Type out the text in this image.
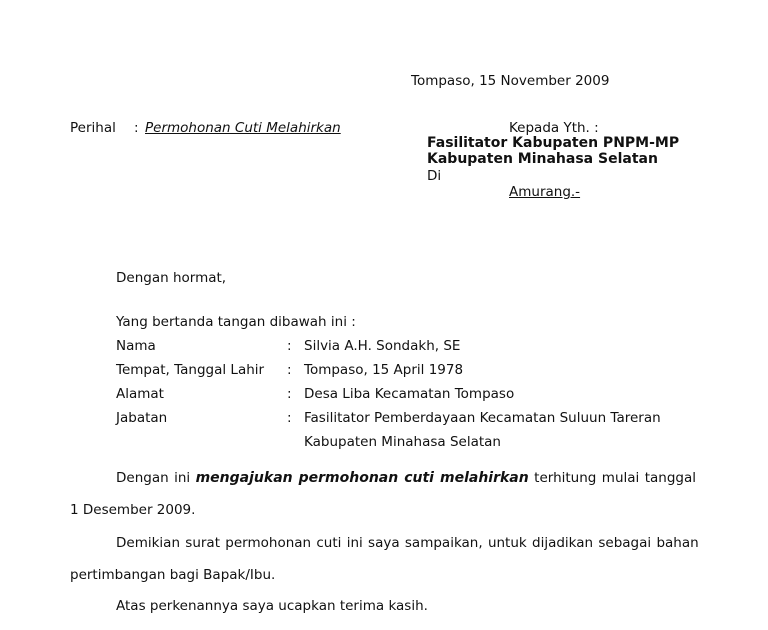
Tompaso, 15 November 2009
Perihal : Permohonan Cuti Melahirkan	Kepada Yth. :
Fasilitator Kabupaten PNPM-MP
Kabupaten Minahasa Selatan
Di
Amurang.-
Dengan hormat,
Yang bertanda tangan dibawah ini :
Nama	: Silvia A.H. Sondakh, SE
Tempat, Tanggal Lahir : Tompaso, 15 April 1978
Alamat	: Desa Liba Kecamatan Tompaso
Jabatan	: Fasilitator Pemberdayaan Kecamatan Suluun Tareran
Kabupaten Minahasa Selatan
Dengan ini mengajukan permohonan cuti melahirkan terhitung mulai tanggal
1 Desember 2009.
Demikian surat permohonan cuti ini saya sampaikan, untuk dijadikan sebagai bahan
pertimbangan bagi Bapak/Ibu.
Atas perkenannya saya ucapkan terima kasih.
